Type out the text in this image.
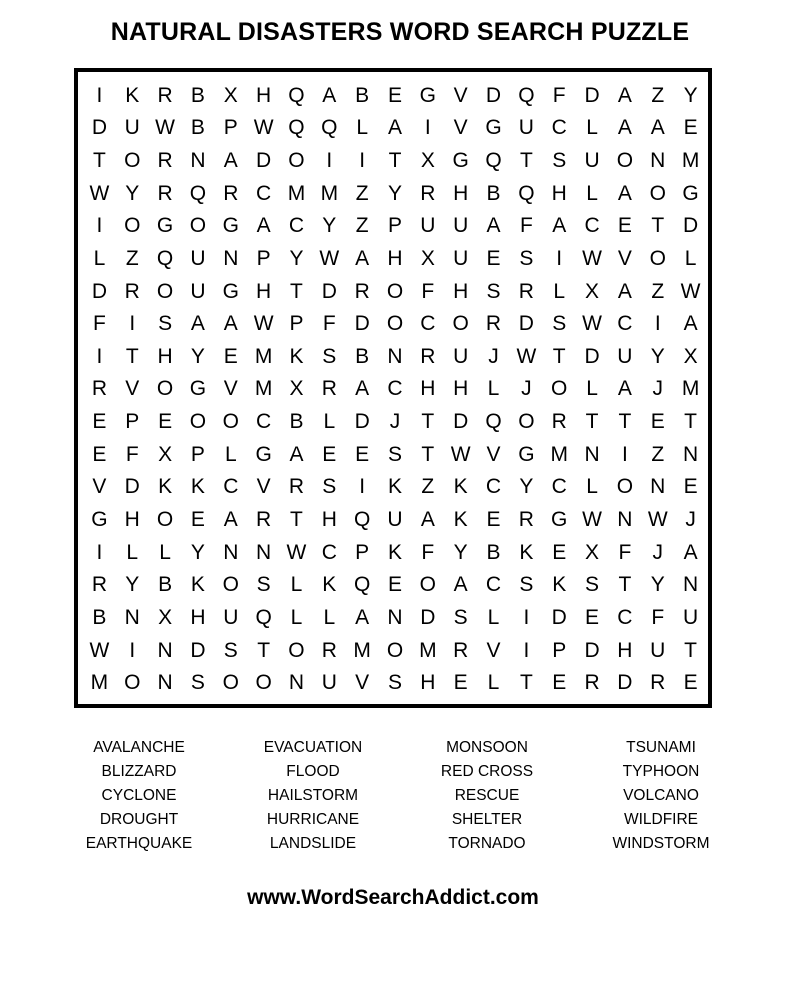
NATURAL DISASTERS WORD SEARCH PUZZLE
I	K R B X H Q A B E G V D Q F D A Z Y
D U W B P W Q Q L A	I	V G U C L A A E
T O R N A D O	I	I	T X G Q T S U O N M
W Y R Q R C M M Z Y R H B Q H L A O G
I	O G O G A C Y Z P U U A F A C E T D
L Z Q U N P Y W A H X U E S	I W V O L
D R O U G H T D R O F H S R L X A Z W
F	I	S A A W P F D O C O R D S W C	I	A
I	T H Y E M K S B N R U J W T D U Y X
R V O G V M X R A C H H L	J O L A J M
E P E O O C B L D J	T D Q O R T T E T
E F X P L G A E E S T W V G M N	I	Z N
V D K K C V R S	I	K Z K C Y C L O N E
G H O E A R T H Q U A K E R G W N W J
I	L	L Y N N W C P K F Y B K E X F	J A
R Y B K O S L K Q E O A C S K S T Y N
B N X H U Q L	L A N D S L	I	D E C F U
W I	N D S T O R M O M R V	I	P D H U T
M O N S O O N U V S H E L T E R D R E
AVALANCHE
BLIZZARD
CYCLONE
DROUGHT
EARTHQUAKE
EVACUATION
FLOOD
HAILSTORM
HURRICANE
LANDSLIDE
MONSOON
RED CROSS
RESCUE
SHELTER
TORNADO
TSUNAMI
TYPHOON
VOLCANO
WILDFIRE
WINDSTORM
www.WordSearchAddict.com
